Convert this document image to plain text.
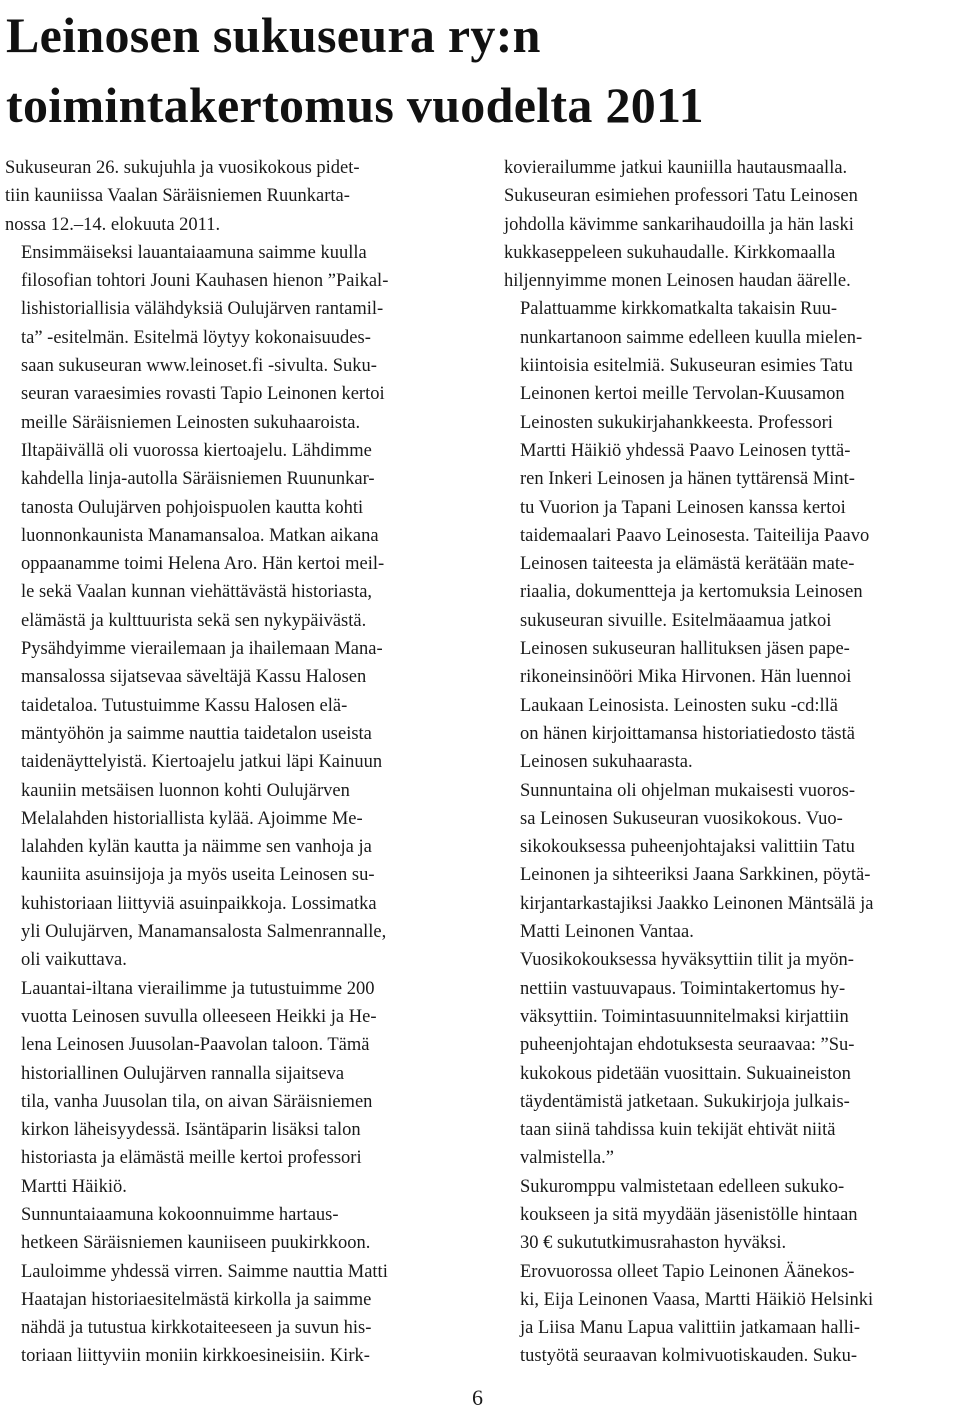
Leinosen sukuseura ry:n
toimintakertomus vuodelta 2011

Sukuseuran 26. sukujuhla ja vuosikokous pidet-
tiin kauniissa Vaalan Säräisniemen Ruunkarta-
nossa 12.–14. elokuuta 2011.

Ensimmäiseksi lauantaiaamuna saimme kuulla
filosofian tohtori Jouni Kauhasen hienon ”Paikal-
lishistoriallisia välähdyksiä Oulujärven rantamil-
ta” -esitelmän. Esitelmä löytyy kokonaisuudes-
saan sukuseuran www.leinoset.fi -sivulta. Suku-
seuran varaesimies rovasti Tapio Leinonen kertoi
meille Säräisniemen Leinosten sukuhaaroista.

Iltapäivällä oli vuorossa kiertoajelu. Lähdimme
kahdella linja-autolla Säräisniemen Ruununkar-
tanosta Oulujärven pohjoispuolen kautta kohti
luonnonkaunista Manamansaloa. Matkan aikana
oppaanamme toimi Helena Aro. Hän kertoi meil-
le sekä Vaalan kunnan viehättävästä historiasta,
elämästä ja kulttuurista sekä sen nykypäivästä.
Pysähdyimme vierailemaan ja ihailemaan Mana-
mansalossa sijatsevaa säveltäjä Kassu Halosen
taidetaloa. Tutustuimme Kassu Halosen elä-
mäntyöhön ja saimme nauttia taidetalon useista
taidenäyttelyistä. Kiertoajelu jatkui läpi Kainuun
kauniin metsäisen luonnon kohti Oulujärven
Melalahden historiallista kylää. Ajoimme Me-
lalahden kylän kautta ja näimme sen vanhoja ja
kauniita asuinsijoja ja myös useita Leinosen su-
kuhistoriaan liittyviä asuinpaikkoja. Lossimatka
yli Oulujärven, Manamansalosta Salmenrannalle,
oli vaikuttava.

Lauantai-iltana vierailimme ja tutustuimme 200
vuotta Leinosen suvulla olleeseen Heikki ja He-
lena Leinosen Juusolan-Paavolan taloon. Tämä
historiallinen Oulujärven rannalla sijaitseva
tila, vanha Juusolan tila, on aivan Säräisniemen
kirkon läheisyydessä. Isäntäparin lisäksi talon
historiasta ja elämästä meille kertoi professori
Martti Häikiö.

Sunnuntaiaamuna kokoonnuimme hartaus-
hetkeen Säräisniemen kauniiseen puukirkkoon.
Lauloimme yhdessä virren. Saimme nauttia Matti
Haatajan historiaesitelmästä kirkolla ja saimme
nähdä ja tutustua kirkkotaiteeseen ja suvun his-
toriaan liittyviin moniin kirkkoesineisiin. Kirk-

kovierailumme jatkui kauniilla hautausmaalla.
Sukuseuran esimiehen professori Tatu Leinosen
johdolla kävimme sankarihaudoilla ja hän laski
kukkaseppeleen sukuhaudalle. Kirkkomaalla
hiljennyimme monen Leinosen haudan äärelle.

Palattuamme kirkkomatkalta takaisin Ruu-
nunkartanoon saimme edelleen kuulla mielen-
kiintoisia esitelmiä. Sukuseuran esimies Tatu
Leinonen kertoi meille Tervolan-Kuusamon
Leinosten sukukirjahankkeesta. Professori
Martti Häikiö yhdessä Paavo Leinosen tyttä-
ren Inkeri Leinosen ja hänen tyttärensä Mint-
tu Vuorion ja Tapani Leinosen kanssa kertoi
taidemaalari Paavo Leinosesta. Taiteilija Paavo
Leinosen taiteesta ja elämästä kerätään mate-
riaalia, dokumentteja ja kertomuksia Leinosen
sukuseuran sivuille. Esitelmäaamua jatkoi
Leinosen sukuseuran hallituksen jäsen pape-
rikoneinsinööri Mika Hirvonen. Hän luennoi
Laukaan Leinosista. Leinosten suku -cd:llä
on hänen kirjoittamansa historiatiedosto tästä
Leinosen sukuhaarasta.

Sunnuntaina oli ohjelman mukaisesti vuoros-
sa Leinosen Sukuseuran vuosikokous. Vuo-
sikokouksessa puheenjohtajaksi valittiin Tatu
Leinonen ja sihteeriksi Jaana Sarkkinen, pöytä-
kirjantarkastajiksi Jaakko Leinonen Mäntsälä ja
Matti Leinonen Vantaa.

Vuosikokouksessa hyväksyttiin tilit ja myön-
nettiin vastuuvapaus. Toimintakertomus hy-
väksyttiin. Toimintasuunnitelmaksi kirjattiin
puheenjohtajan ehdotuksesta seuraavaa: ”Su-
kukokous pidetään vuosittain. Sukuaineiston
täydentämistä jatketaan. Sukukirjoja julkais-
taan siinä tahdissa kuin tekijät ehtivät niitä
valmistella.”

Sukuromppu valmistetaan edelleen sukuko-
koukseen ja sitä myydään jäsenistölle hintaan
30 € sukututkimusrahaston hyväksi.

Erovuorossa olleet Tapio Leinonen Äänekos-
ki, Eija Leinonen Vaasa, Martti Häikiö Helsinki
ja Liisa Manu Lapua valittiin jatkamaan halli-
tustyötä seuraavan kolmivuotiskauden. Suku-

6
